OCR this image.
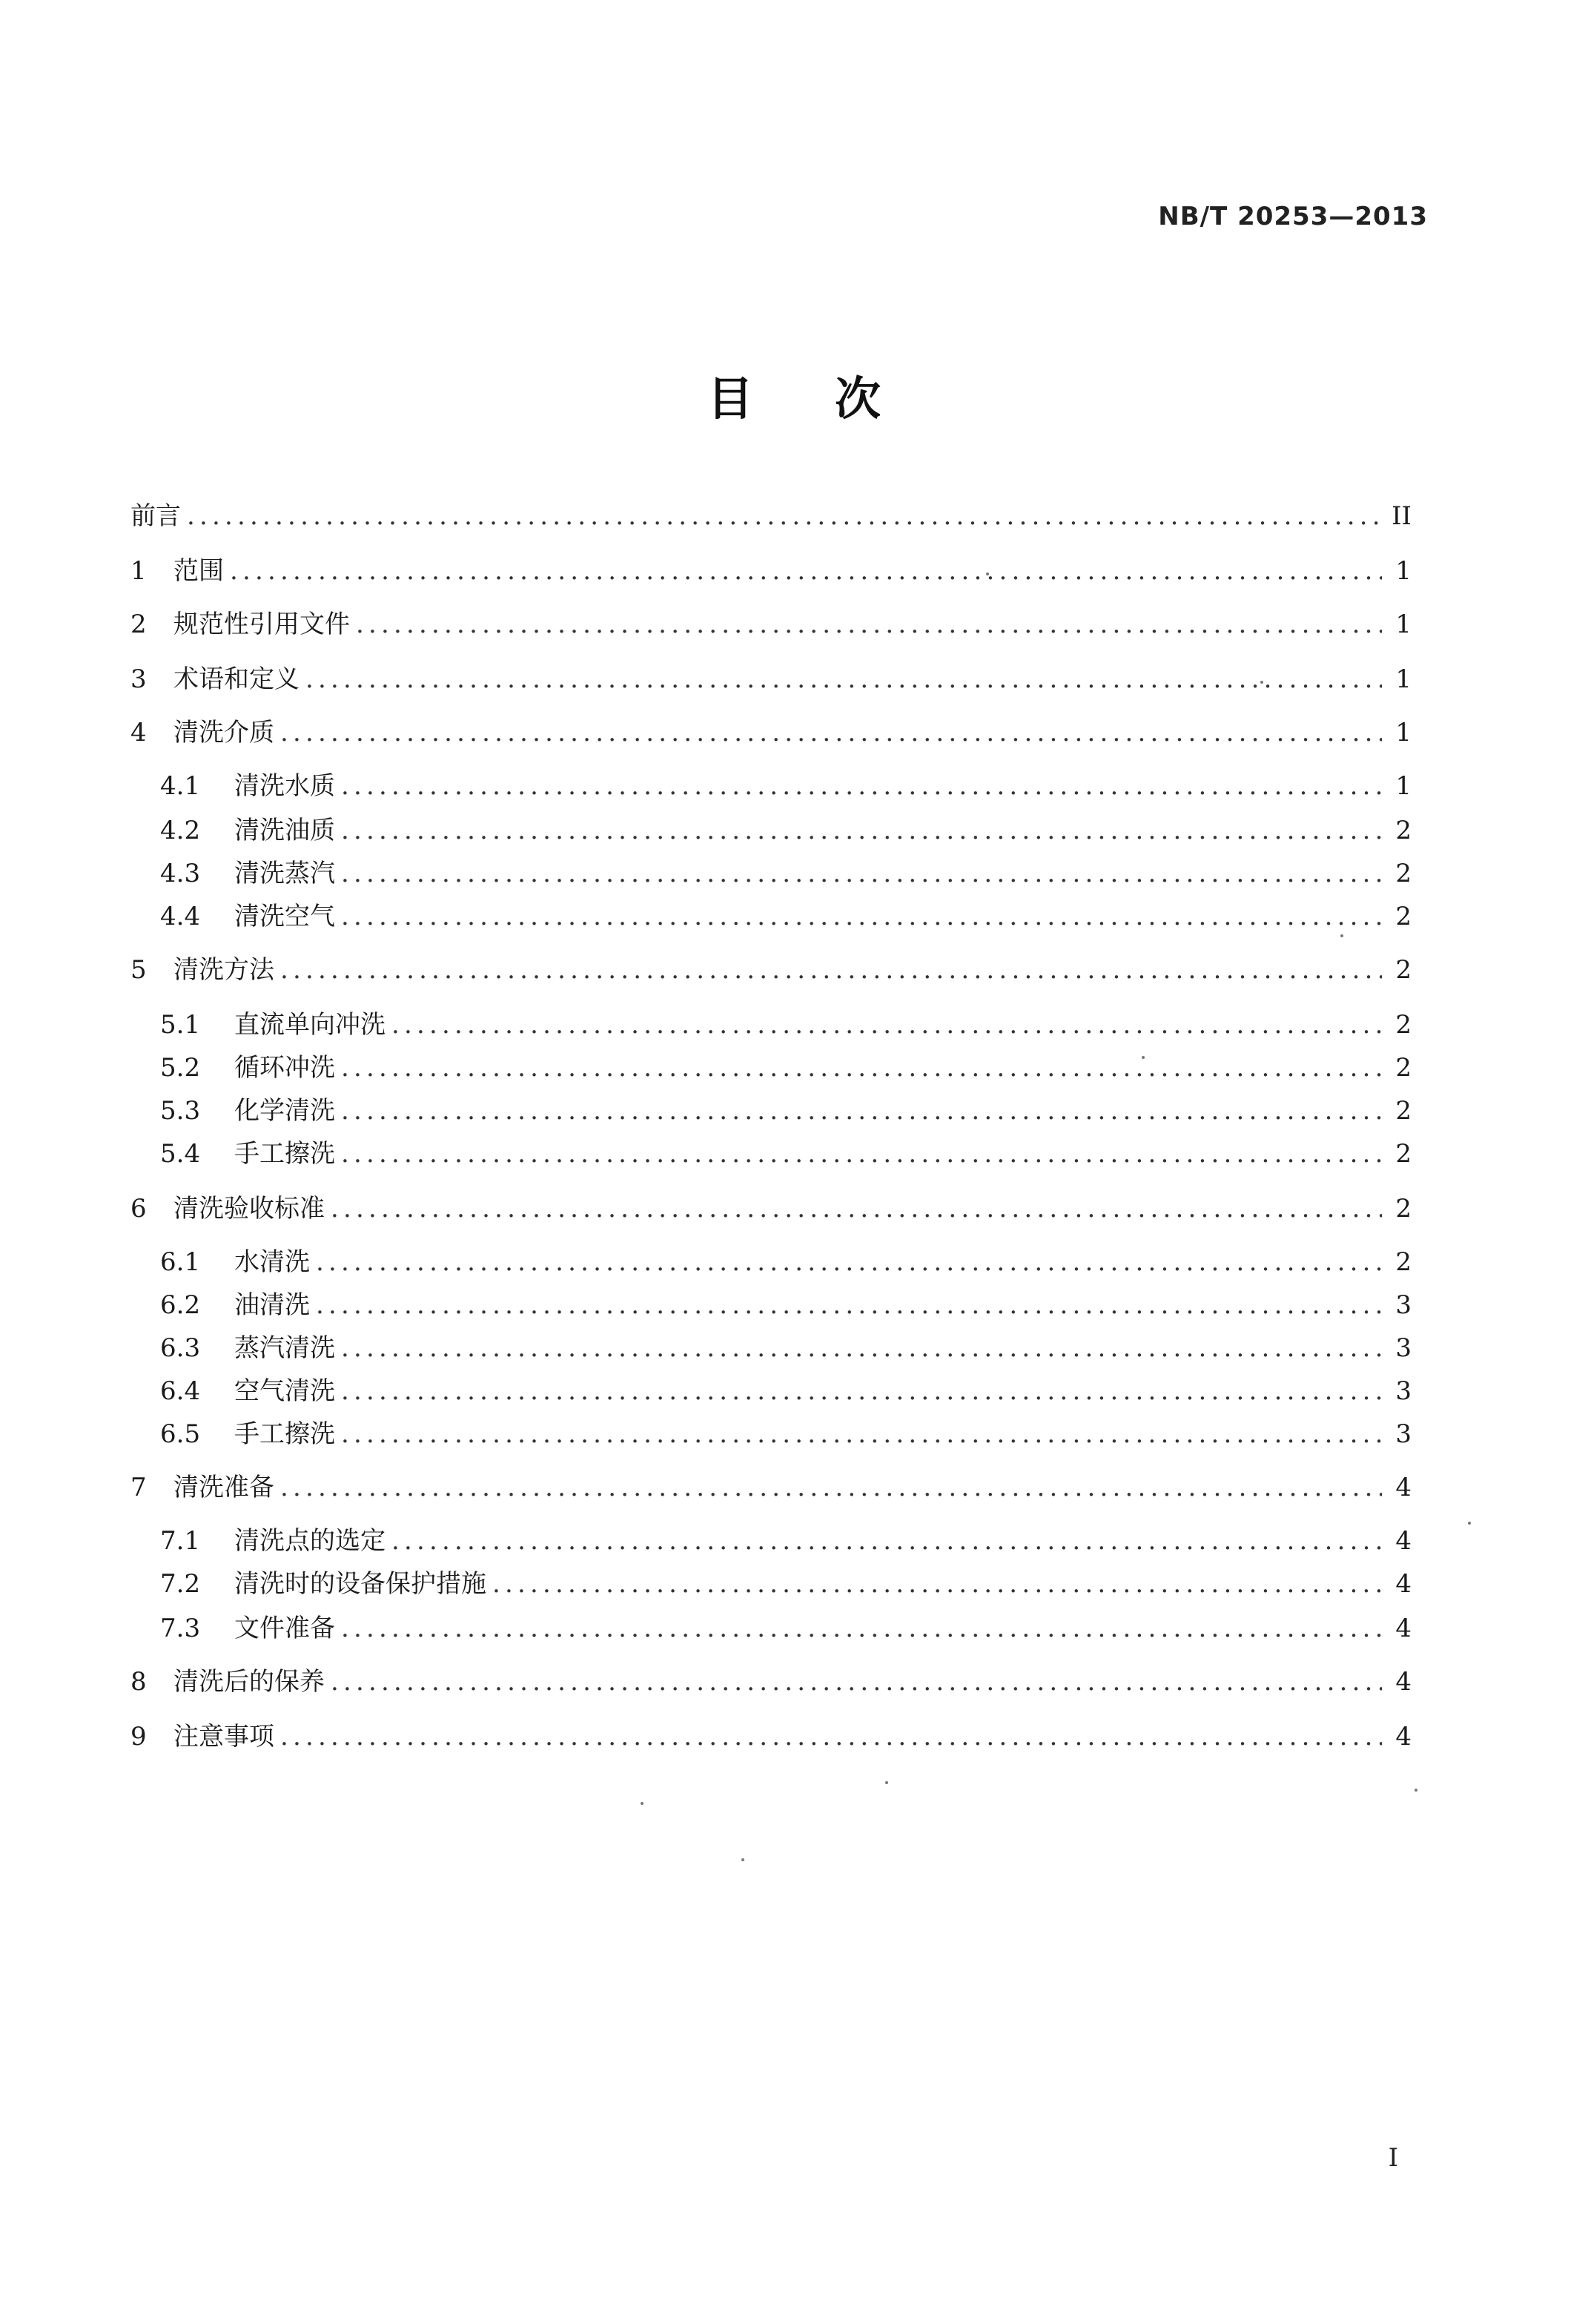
NB/T 20253—2013
目次
前言 .....	II
1	范围 .....	1
2	规范性引用文件 .....	1
3	术语和定义 .....	1
4	清洗介质 .....	1
4.1	清洗水质 .....	1
4.2	清洗油质 .....	2
4.3	清洗蒸汽 .....	2
4.4	清洗空气 .....	2
5	清洗方法 .....	2
5.1	直流单向冲洗 .....	2
5.2	循环冲洗 .....	2
5.3	化学清洗 .....	2
5.4	手工擦洗 .....	2
6	清洗验收标准 .....	2
6.1	水清洗 .....	2
6.2	油清洗 .....	3
6.3	蒸汽清洗 .....	3
6.4	空气清洗 .....	3
6.5	手工擦洗 .....	3
7	清洗准备 .....	4
7.1	清洗点的选定 .....	4
7.2	清洗时的设备保护措施 .....	4
7.3	文件准备 .....	4
8	清洗后的保养 .....	4
9	注意事项 .....	4
I
